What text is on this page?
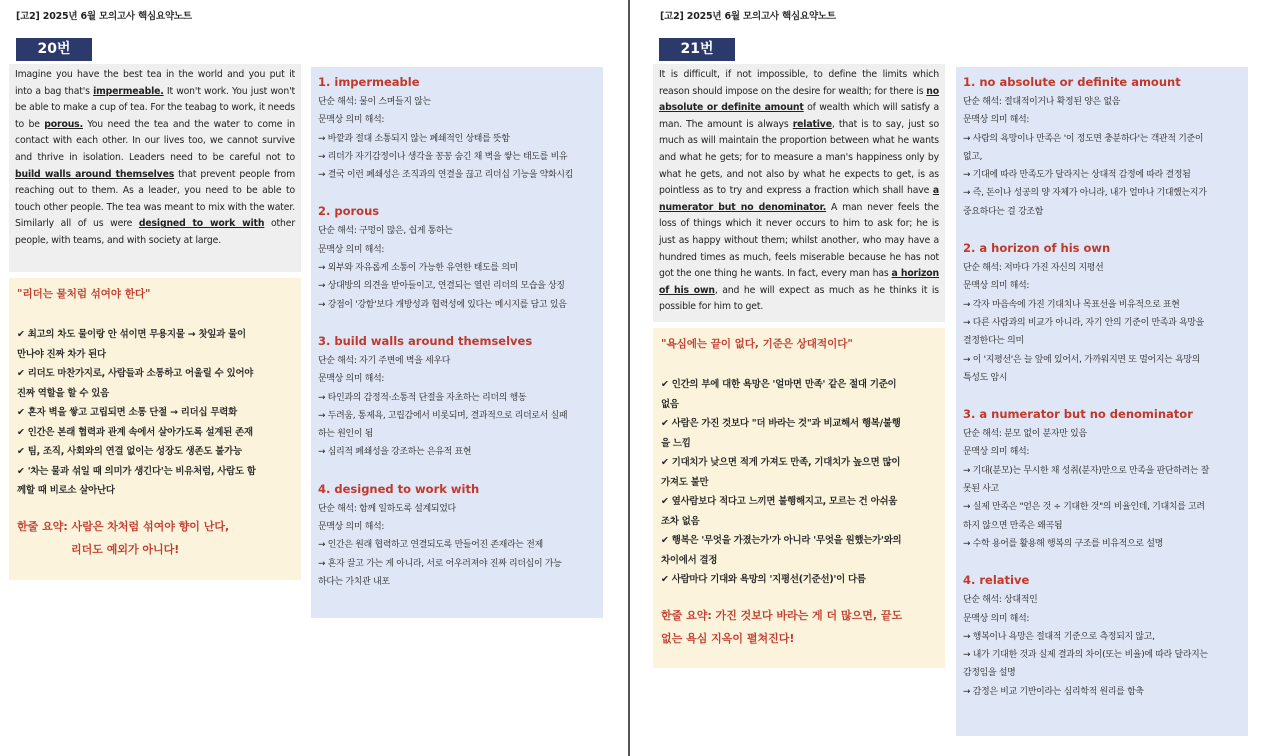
[고2] 2025년 6월 모의고사 핵심요약노트
20번
Imagine you have the best tea in the world and you put it into a bag that's impermeable. It won't work. You just won't be able to make a cup of tea. For the teabag to work, it needs to be porous. You need the tea and the water to come in contact with each other. In our lives too, we cannot survive and thrive in isolation. Leaders need to be careful not to build walls around themselves that prevent people from reaching out to them. As a leader, you need to be able to touch other people. The tea was meant to mix with the water. Similarly all of us were designed to work with other people, with teams, and with society at large.
"리더는 물처럼 섞여야 한다"
✔ 최고의 차도 물이랑 안 섞이면 무용지물 → 찻잎과 물이
만나야 진짜 차가 된다
✔ 리더도 마찬가지로, 사람들과 소통하고 어울릴 수 있어야
진짜 역할을 할 수 있음
✔ 혼자 벽을 쌓고 고립되면 소통 단절 → 리더십 무력화
✔ 인간은 본래 협력과 관계 속에서 살아가도록 설계된 존재
✔ 팀, 조직, 사회와의 연결 없이는 성장도 생존도 불가능
✔ '차는 물과 섞일 때 의미가 생긴다'는 비유처럼, 사람도 함
께할 때 비로소 살아난다
한줄 요약: 사람은 차처럼 섞여야 향이 난다,
리더도 예외가 아니다!
1. impermeable
단순 해석: 물이 스며들지 않는
문맥상 의미 해석:
→ 바깥과 절대 소통되지 않는 폐쇄적인 상태를 뜻함
→ 리더가 자기감정이나 생각을 꽁꽁 숨긴 채 벽을 쌓는 태도를 비유
→ 결국 이런 폐쇄성은 조직과의 연결을 끊고 리더십 기능을 약화시킴
2. porous
단순 해석: 구멍이 많은, 쉽게 통하는
문맥상 의미 해석:
→ 외부와 자유롭게 소통이 가능한 유연한 태도를 의미
→ 상대방의 의견을 받아들이고, 연결되는 열린 리더의 모습을 상징
→ 강점이 '강함'보다 개방성과 협력성에 있다는 메시지를 담고 있음
3. build walls around themselves
단순 해석: 자기 주변에 벽을 세우다
문맥상 의미 해석:
→ 타인과의 감정적·소통적 단절을 자초하는 리더의 행동
→ 두려움, 통제욕, 고립감에서 비롯되며, 결과적으로 리더로서 실패
하는 원인이 됨
→ 심리적 폐쇄성을 강조하는 은유적 표현
4. designed to work with
단순 해석: 함께 일하도록 설계되었다
문맥상 의미 해석:
→ 인간은 원래 협력하고 연결되도록 만들어진 존재라는 전제
→ 혼자 끌고 가는 게 아니라, 서로 어우러져야 진짜 리더십이 가능
하다는 가치관 내포
[고2] 2025년 6월 모의고사 핵심요약노트
21번
It is difficult, if not impossible, to define the limits which reason should impose on the desire for wealth; for there is no absolute or definite amount of wealth which will satisfy a man. The amount is always relative, that is to say, just so much as will maintain the proportion between what he wants and what he gets; for to measure a man's happiness only by what he gets, and not also by what he expects to get, is as pointless as to try and express a fraction which shall have a numerator but no denominator. A man never feels the loss of things which it never occurs to him to ask for; he is just as happy without them; whilst another, who may have a hundred times as much, feels miserable because he has not got the one thing he wants. In fact, every man has a horizon of his own, and he will expect as much as he thinks it is possible for him to get.
"욕심에는 끝이 없다, 기준은 상대적이다"
✔ 인간의 부에 대한 욕망은 '얼마면 만족' 같은 절대 기준이
없음
✔ 사람은 가진 것보다 "더 바라는 것"과 비교해서 행복/불행
을 느낌
✔ 기대치가 낮으면 적게 가져도 만족, 기대치가 높으면 많이
가져도 불만
✔ 옆사람보다 적다고 느끼면 불행해지고, 모르는 건 아쉬움
조차 없음
✔ 행복은 '무엇을 가졌는가'가 아니라 '무엇을 원했는가'와의
차이에서 결정
✔ 사람마다 기대와 욕망의 '지평선(기준선)'이 다름
한줄 요약: 가진 것보다 바라는 게 더 많으면, 끝도
없는 욕심 지옥이 펼쳐진다!
1. no absolute or definite amount
단순 해석: 절대적이거나 확정된 양은 없음
문맥상 의미 해석:
→ 사람의 욕망이나 만족은 '이 정도면 충분하다'는 객관적 기준이
없고,
→ 기대에 따라 만족도가 달라지는 상대적 감정에 따라 결정됨
→ 즉, 돈이나 성공의 양 자체가 아니라, 내가 얼마나 기대했는지가
중요하다는 걸 강조함
2. a horizon of his own
단순 해석: 저마다 가진 자신의 지평선
문맥상 의미 해석:
→ 각자 마음속에 가진 기대치나 목표선을 비유적으로 표현
→ 다른 사람과의 비교가 아니라, 자기 안의 기준이 만족과 욕망을
결정한다는 의미
→ 이 '지평선'은 늘 앞에 있어서, 가까워지면 또 멀어지는 욕망의
특성도 암시
3. a numerator but no denominator
단순 해석: 분모 없이 분자만 있음
문맥상 의미 해석:
→ 기대(분모)는 무시한 채 성취(분자)만으로 만족을 판단하려는 잘
못된 사고
→ 실제 만족은 "얻은 것 ÷ 기대한 것"의 비율인데, 기대치를 고려
하지 않으면 만족은 왜곡됨
→ 수학 용어를 활용해 행복의 구조를 비유적으로 설명
4. relative
단순 해석: 상대적인
문맥상 의미 해석:
→ 행복이나 욕망은 절대적 기준으로 측정되지 않고,
→ 내가 기대한 것과 실제 결과의 차이(또는 비율)에 따라 달라지는
감정임을 설명
→ 감정은 비교 기반이라는 심리학적 원리를 함축
